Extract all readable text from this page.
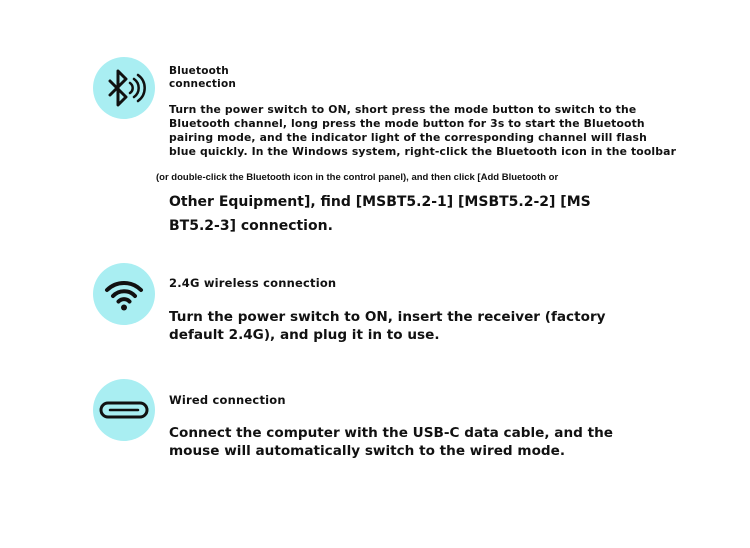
Bluetooth
connection
Turn the power switch to ON, short press the mode button to switch to the
Bluetooth channel, long press the mode button for 3s to start the Bluetooth
pairing mode, and the indicator light of the corresponding channel will flash
blue quickly. In the Windows system, right-click the Bluetooth icon in the toolbar
(or double-click the Bluetooth icon in the control panel), and then click [Add Bluetooth or
Other Equipment], find [MSBT5.2-1] [MSBT5.2-2] [MS
BT5.2-3] connection.
2.4G wireless connection
Turn the power switch to ON, insert the receiver (factory
default 2.4G), and plug it in to use.
Wired connection
Connect the computer with the USB-C data cable, and the
mouse will automatically switch to the wired mode.
